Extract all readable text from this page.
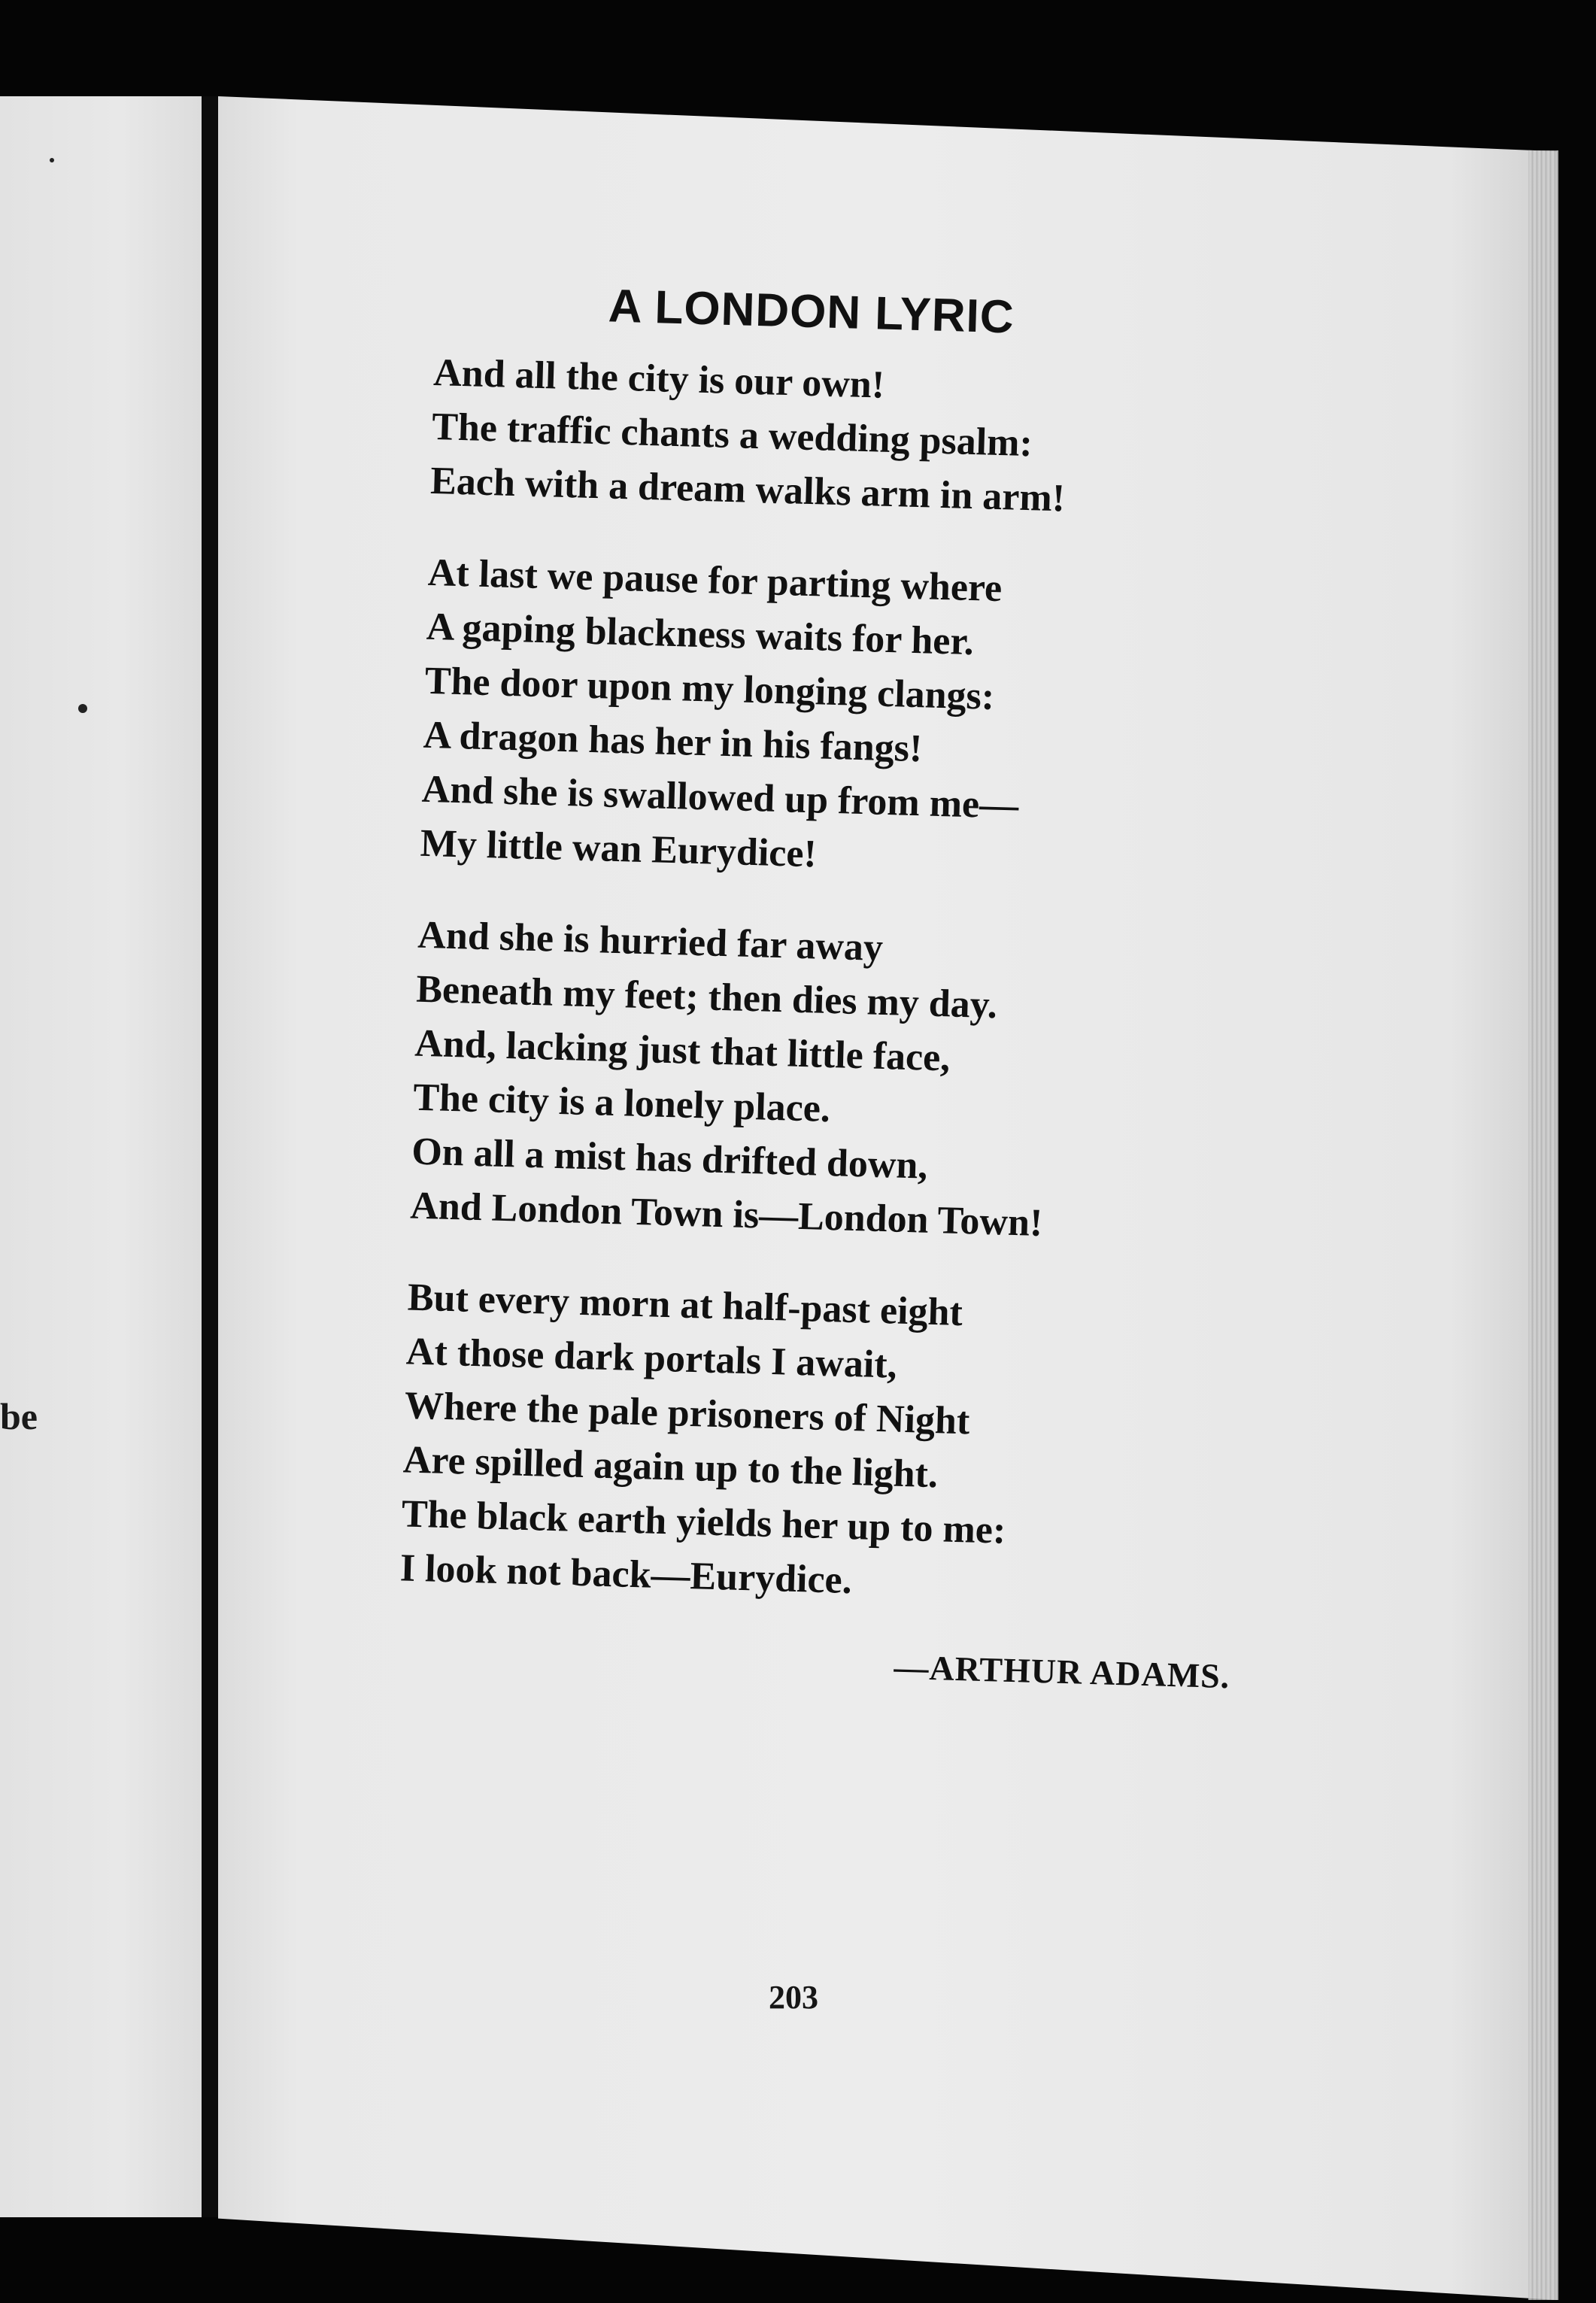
be
A LONDON LYRIC
And all the city is our own!
The traffic chants a wedding psalm:
Each with a dream walks arm in arm!
At last we pause for parting where
A gaping blackness waits for her.
The door upon my longing clangs:
A dragon has her in his fangs!
And she is swallowed up from me—
My little wan Eurydice!
And she is hurried far away
Beneath my feet; then dies my day.
And, lacking just that little face,
The city is a lonely place.
On all a mist has drifted down,
And London Town is—London Town!
But every morn at half-past eight
At those dark portals I await,
Where the pale prisoners of Night
Are spilled again up to the light.
The black earth yields her up to me:
I look not back—Eurydice.
—ARTHUR ADAMS.
203
